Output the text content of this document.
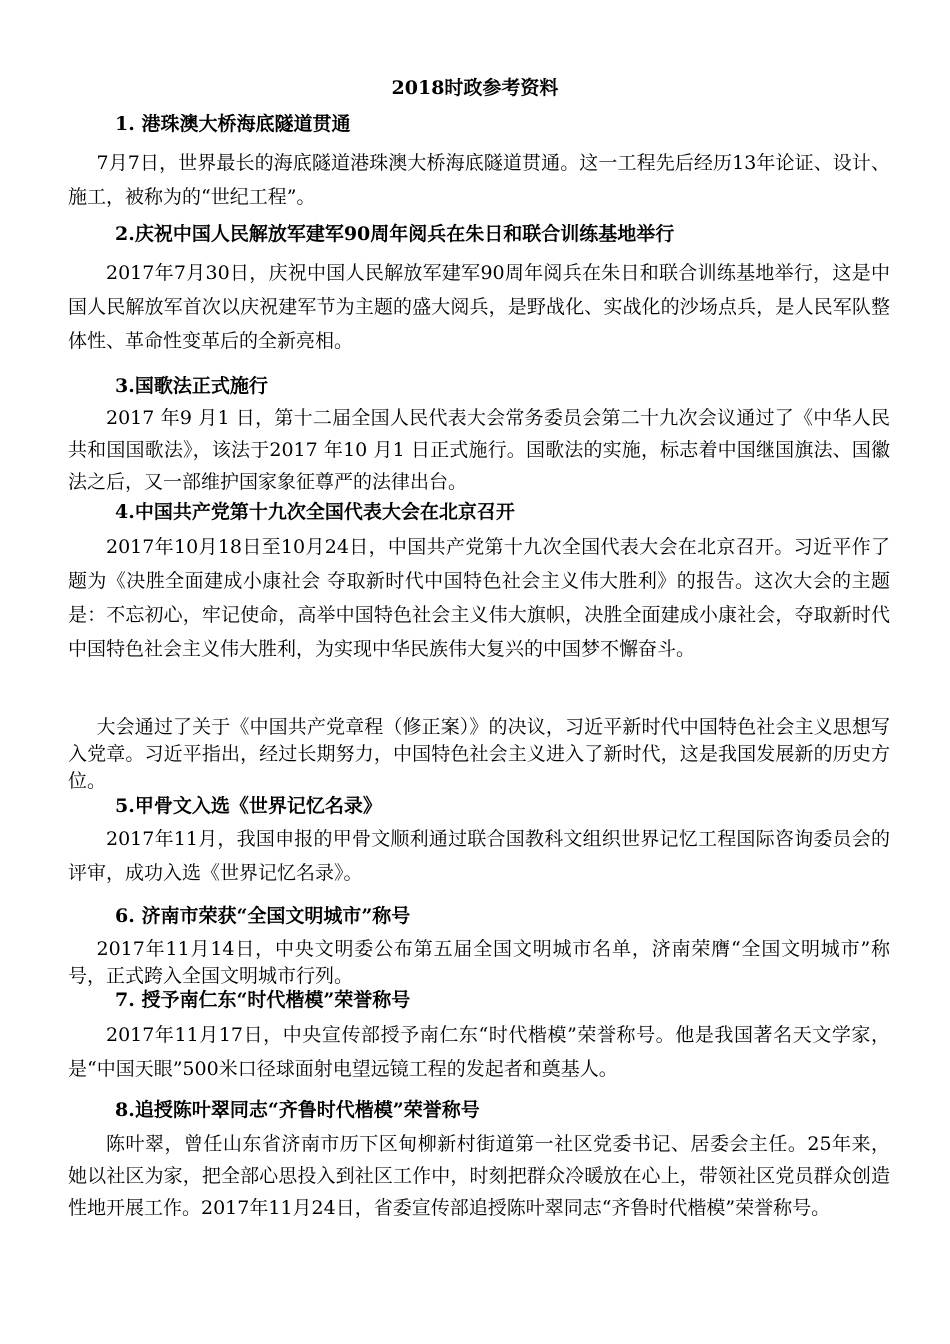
2018时政参考资料
1. 港珠澳大桥海底隧道贯通

7月7日，世界最长的海底隧道港珠澳大桥海底隧道贯通。这一工程先后经历13年论证、设计、施工，被称为的“世纪工程”。

2.庆祝中国人民解放军建军90周年阅兵在朱日和联合训练基地举行

2017年7月30日，庆祝中国人民解放军建军90周年阅兵在朱日和联合训练基地举行，这是中国人民解放军首次以庆祝建军节为主题的盛大阅兵，是野战化、实战化的沙场点兵，是人民军队整体性、革命性变革后的全新亮相。

3.国歌法正式施行

2017 年9 月1 日，第十二届全国人民代表大会常务委员会第二十九次会议通过了《中华人民共和国国歌法》，该法于2017 年10 月1 日正式施行。国歌法的实施，标志着中国继国旗法、国徽法之后，又一部维护国家象征尊严的法律出台。

4.中国共产党第十九次全国代表大会在北京召开

2017年10月18日至10月24日，中国共产党第十九次全国代表大会在北京召开。习近平作了题为《决胜全面建成小康社会 夺取新时代中国特色社会主义伟大胜利》的报告。这次大会的主题是：不忘初心，牢记使命，高举中国特色社会主义伟大旗帜，决胜全面建成小康社会，夺取新时代中国特色社会主义伟大胜利，为实现中华民族伟大复兴的中国梦不懈奋斗。

大会通过了关于《中国共产党章程（修正案）》的决议，习近平新时代中国特色社会主义思想写入党章。习近平指出，经过长期努力，中国特色社会主义进入了新时代，这是我国发展新的历史方位。

5.甲骨文入选《世界记忆名录》

2017年11月，我国申报的甲骨文顺利通过联合国教科文组织世界记忆工程国际咨询委员会的评审，成功入选《世界记忆名录》。

6. 济南市荣获“全国文明城市”称号

2017年11月14日，中央文明委公布第五届全国文明城市名单，济南荣膺“全国文明城市”称号，正式跨入全国文明城市行列。

7. 授予南仁东“时代楷模”荣誉称号

2017年11月17日，中央宣传部授予南仁东“时代楷模”荣誉称号。他是我国著名天文学家，是“中国天眼”500米口径球面射电望远镜工程的发起者和奠基人。

8.追授陈叶翠同志“齐鲁时代楷模”荣誉称号

陈叶翠，曾任山东省济南市历下区甸柳新村街道第一社区党委书记、居委会主任。25年来，她以社区为家，把全部心思投入到社区工作中，时刻把群众冷暖放在心上，带领社区党员群众创造性地开展工作。2017年11月24日，省委宣传部追授陈叶翠同志“齐鲁时代楷模”荣誉称号。
